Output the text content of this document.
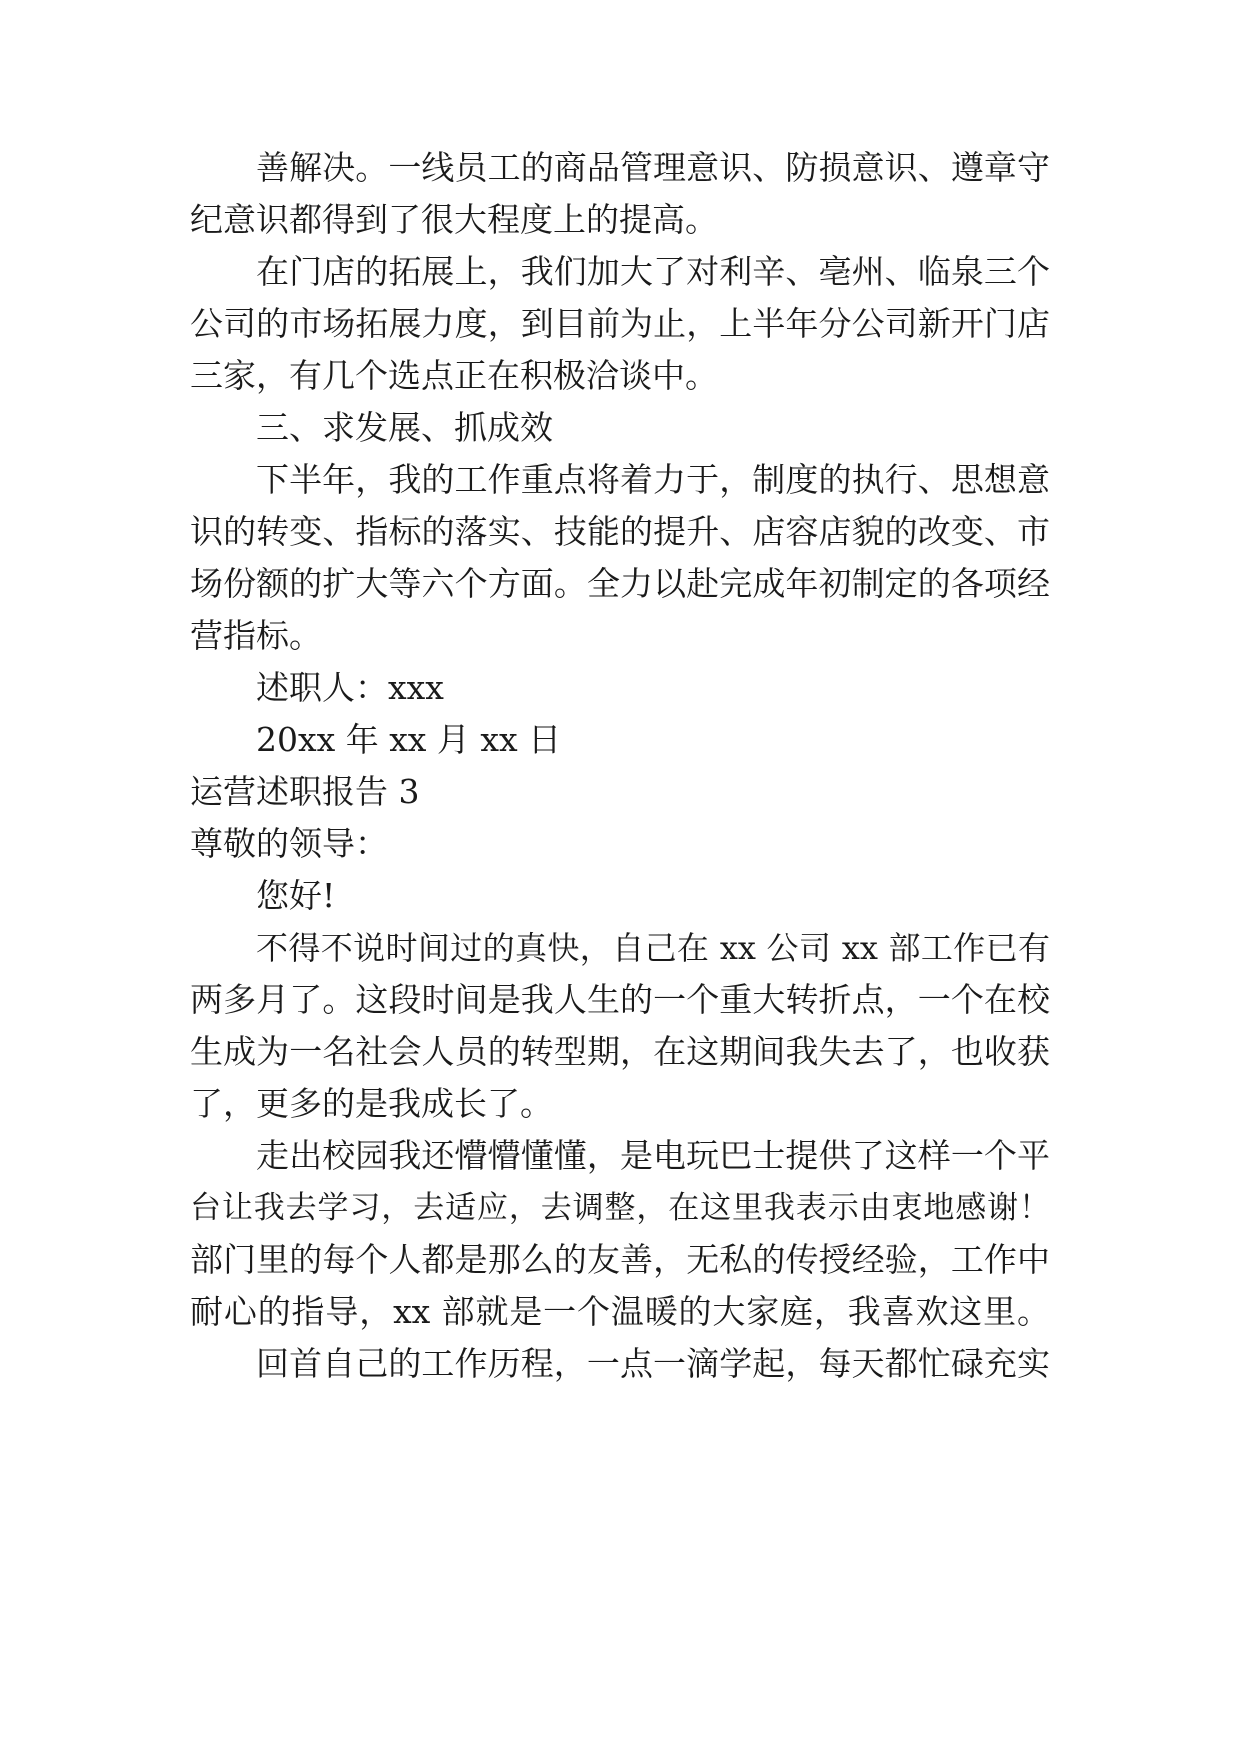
善解决。一线员工的商品管理意识、防损意识、遵章守
纪意识都得到了很大程度上的提高。
在门店的拓展上，我们加大了对利辛、亳州、临泉三个
公司的市场拓展力度，到目前为止，上半年分公司新开门店
三家，有几个选点正在积极洽谈中。
三、求发展、抓成效
下半年，我的工作重点将着力于，制度的执行、思想意
识的转变、指标的落实、技能的提升、店容店貌的改变、市
场份额的扩大等六个方面。全力以赴完成年初制定的各项经
营指标。
述职人：xxx
20xx 年 xx 月 xx 日
运营述职报告 3
尊敬的领导：
您好!
不得不说时间过的真快，自己在 xx 公司 xx 部工作已有
两多月了。这段时间是我人生的一个重大转折点，一个在校
生成为一名社会人员的转型期，在这期间我失去了，也收获
了，更多的是我成长了。
走出校园我还懵懵懂懂，是电玩巴士提供了这样一个平
台让我去学习，去适应，去调整，在这里我表示由衷地感谢！
部门里的每个人都是那么的友善，无私的传授经验，工作中
耐心的指导，xx 部就是一个温暖的大家庭，我喜欢这里。
回首自己的工作历程，一点一滴学起，每天都忙碌充实
